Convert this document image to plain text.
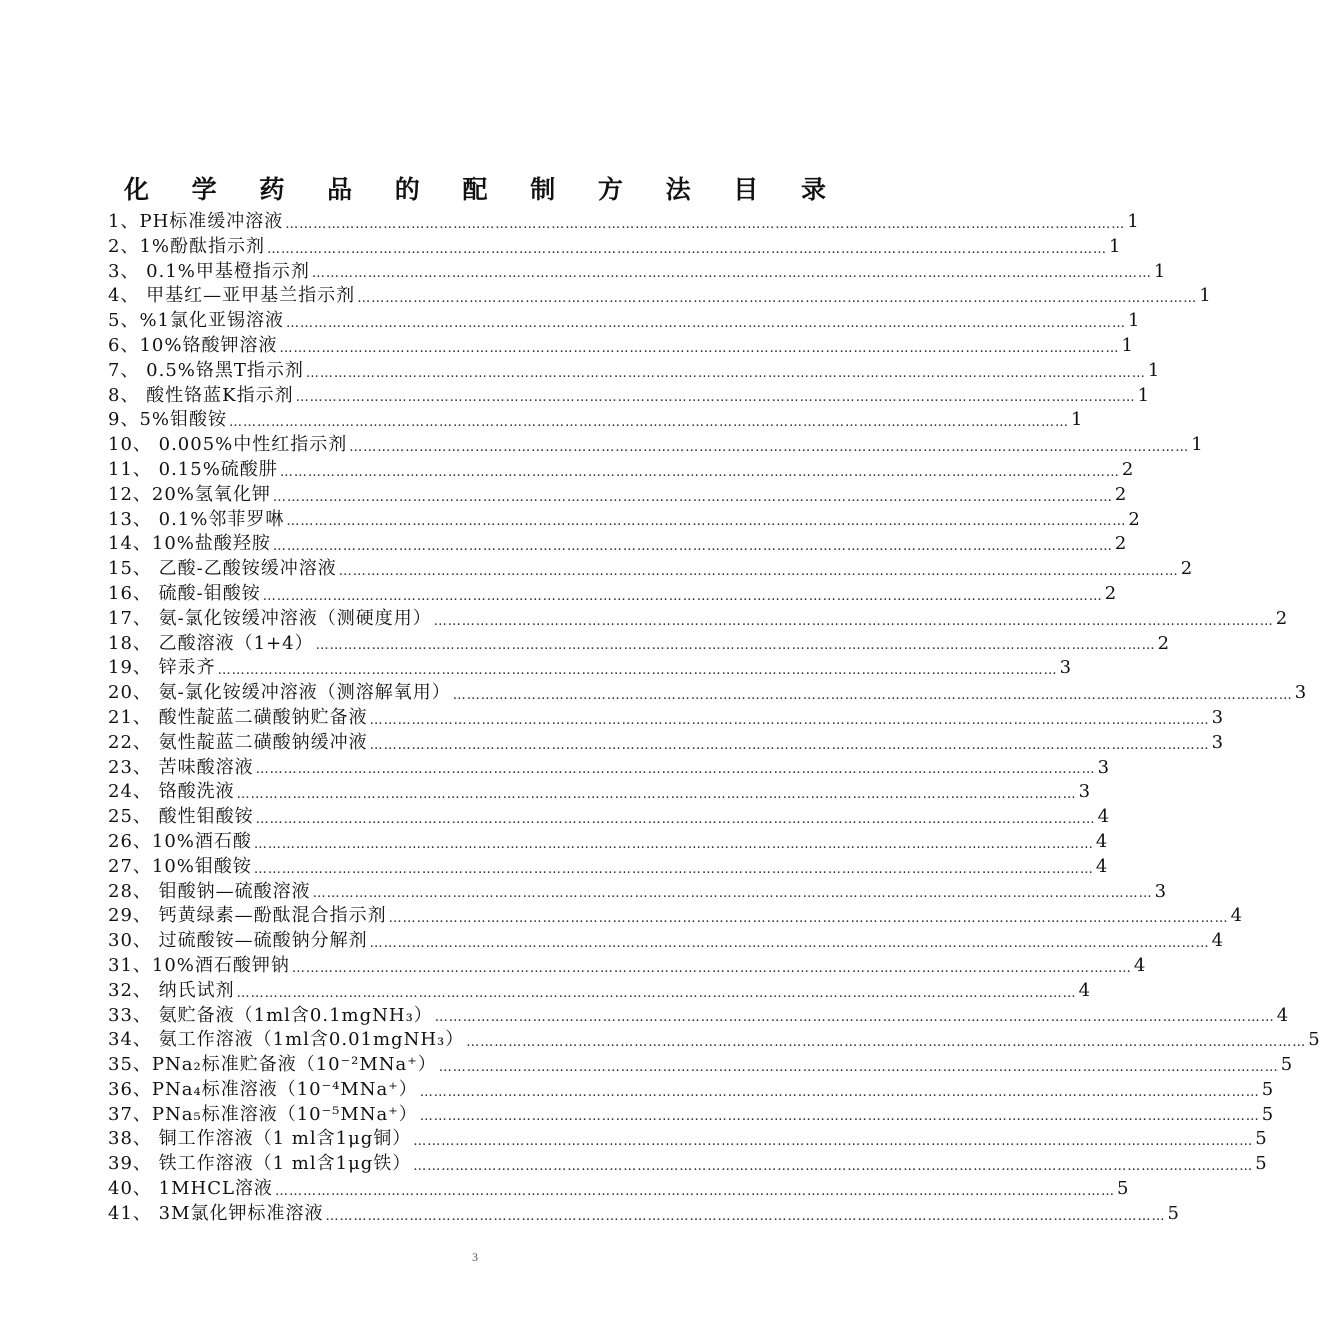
化 学 药 品 的 配 制 方 法 目 录
1、PH标准缓冲溶液 ……………………………………………………………………………………………………………………………………………………………… 1
2、1%酚酞指示剂 ……………………………………………………………………………………………………………………………………………………………… 1
3、 0.1%甲基橙指示剂 ……………………………………………………………………………………………………………………………………………………………… 1
4、 甲基红—亚甲基兰指示剂 ……………………………………………………………………………………………………………………………………………………………… 1
5、%1氯化亚锡溶液 ……………………………………………………………………………………………………………………………………………………………… 1
6、10%铬酸钾溶液 ……………………………………………………………………………………………………………………………………………………………… 1
7、 0.5%铬黑T指示剂 ……………………………………………………………………………………………………………………………………………………………… 1
8、 酸性铬蓝K指示剂 ……………………………………………………………………………………………………………………………………………………………… 1
9、5%钼酸铵 ……………………………………………………………………………………………………………………………………………………………… 1
10、 0.005%中性红指示剂 ……………………………………………………………………………………………………………………………………………………………… 1
11、 0.15%硫酸肼 ……………………………………………………………………………………………………………………………………………………………… 2
12、20%氢氧化钾 ……………………………………………………………………………………………………………………………………………………………… 2
13、 0.1%邻菲罗啉 ……………………………………………………………………………………………………………………………………………………………… 2
14、10%盐酸羟胺 ……………………………………………………………………………………………………………………………………………………………… 2
15、 乙酸-乙酸铵缓冲溶液 ……………………………………………………………………………………………………………………………………………………………… 2
16、 硫酸-钼酸铵 ……………………………………………………………………………………………………………………………………………………………… 2
17、 氨-氯化铵缓冲溶液（测硬度用） ……………………………………………………………………………………………………………………………………………………………… 2
18、 乙酸溶液（1+4） ……………………………………………………………………………………………………………………………………………………………… 2
19、 锌汞齐 ……………………………………………………………………………………………………………………………………………………………… 3
20、 氨-氯化铵缓冲溶液（测溶解氧用） ……………………………………………………………………………………………………………………………………………………………… 3
21、 酸性靛蓝二磺酸钠贮备液 ……………………………………………………………………………………………………………………………………………………………… 3
22、 氨性靛蓝二磺酸钠缓冲液 ……………………………………………………………………………………………………………………………………………………………… 3
23、 苦味酸溶液 ……………………………………………………………………………………………………………………………………………………………… 3
24、 铬酸洗液 ……………………………………………………………………………………………………………………………………………………………… 3
25、 酸性钼酸铵 ……………………………………………………………………………………………………………………………………………………………… 4
26、10%酒石酸 ……………………………………………………………………………………………………………………………………………………………… 4
27、10%钼酸铵 ……………………………………………………………………………………………………………………………………………………………… 4
28、 钼酸钠—硫酸溶液 ……………………………………………………………………………………………………………………………………………………………… 3
29、 钙黄绿素—酚酞混合指示剂 ……………………………………………………………………………………………………………………………………………………………… 4
30、 过硫酸铵—硫酸钠分解剂 ……………………………………………………………………………………………………………………………………………………………… 4
31、10%酒石酸钾钠 ……………………………………………………………………………………………………………………………………………………………… 4
32、 纳氏试剂 ……………………………………………………………………………………………………………………………………………………………… 4
33、 氨贮备液（1ml含0.1mgNH₃） ……………………………………………………………………………………………………………………………………………………………… 4
34、 氨工作溶液（1ml含0.01mgNH₃） ……………………………………………………………………………………………………………………………………………………………… 5
35、PNa₂标准贮备液（10⁻²MNa⁺） ……………………………………………………………………………………………………………………………………………………………… 5
36、PNa₄标准溶液（10⁻⁴MNa⁺） ……………………………………………………………………………………………………………………………………………………………… 5
37、PNa₅标准溶液（10⁻⁵MNa⁺） ……………………………………………………………………………………………………………………………………………………………… 5
38、 铜工作溶液（1 ml含1μg铜） ……………………………………………………………………………………………………………………………………………………………… 5
39、 铁工作溶液（1 ml含1μg铁） ……………………………………………………………………………………………………………………………………………………………… 5
40、 1MHCL溶液 ……………………………………………………………………………………………………………………………………………………………… 5
41、 3M氯化钾标准溶液 ……………………………………………………………………………………………………………………………………………………………… 5
3
